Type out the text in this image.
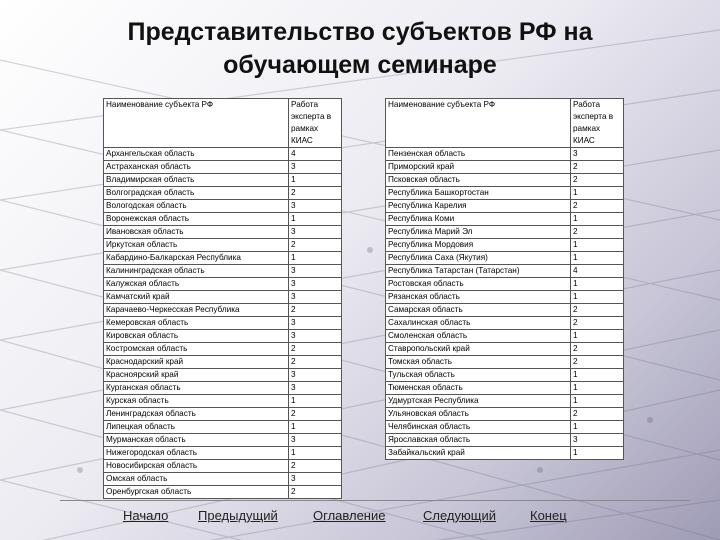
Представительство субъектов РФ на
обучающем семинаре
Наименование субъекта РФ	Работа эксперта в рамках КИАС
Архангельская область	4
Астраханская область	3
Владимирская область	1
Волгоградская область	2
Вологодская область	3
Воронежская область	1
Ивановская область	3
Иркутская область	2
Кабардино-Балкарская Республика	1
Калининградская область	3
Калужская область	3
Камчатский край	3
Карачаево-Черкесская Республика	2
Кемеровская область	3
Кировская область	3
Костромская область	2
Краснодарский край	2
Красноярский край	3
Курганская область	3
Курская область	1
Ленинградская область	2
Липецкая область	1
Мурманская область	3
Нижегородская область	1
Новосибирская область	2
Омская область	3
Оренбургская область	2
Наименование субъекта РФ	Работа эксперта в рамках КИАС
Пензенская область	3
Приморский край	2
Псковская область	2
Республика Башкортостан	1
Республика Карелия	2
Республика Коми	1
Республика Марий Эл	2
Республика Мордовия	1
Республика Саха (Якутия)	1
Республика Татарстан (Татарстан)	4
Ростовская область	1
Рязанская область	1
Самарская область	2
Сахалинская область	2
Смоленская область	1
Ставропольский край	2
Томская область	2
Тульская область	1
Тюменская область	1
Удмуртская Республика	1
Ульяновская область	2
Челябинская область	1
Ярославская область	3
Забайкальский край	1
Начало Предыдущий	Оглавление	Следующий	Конец
